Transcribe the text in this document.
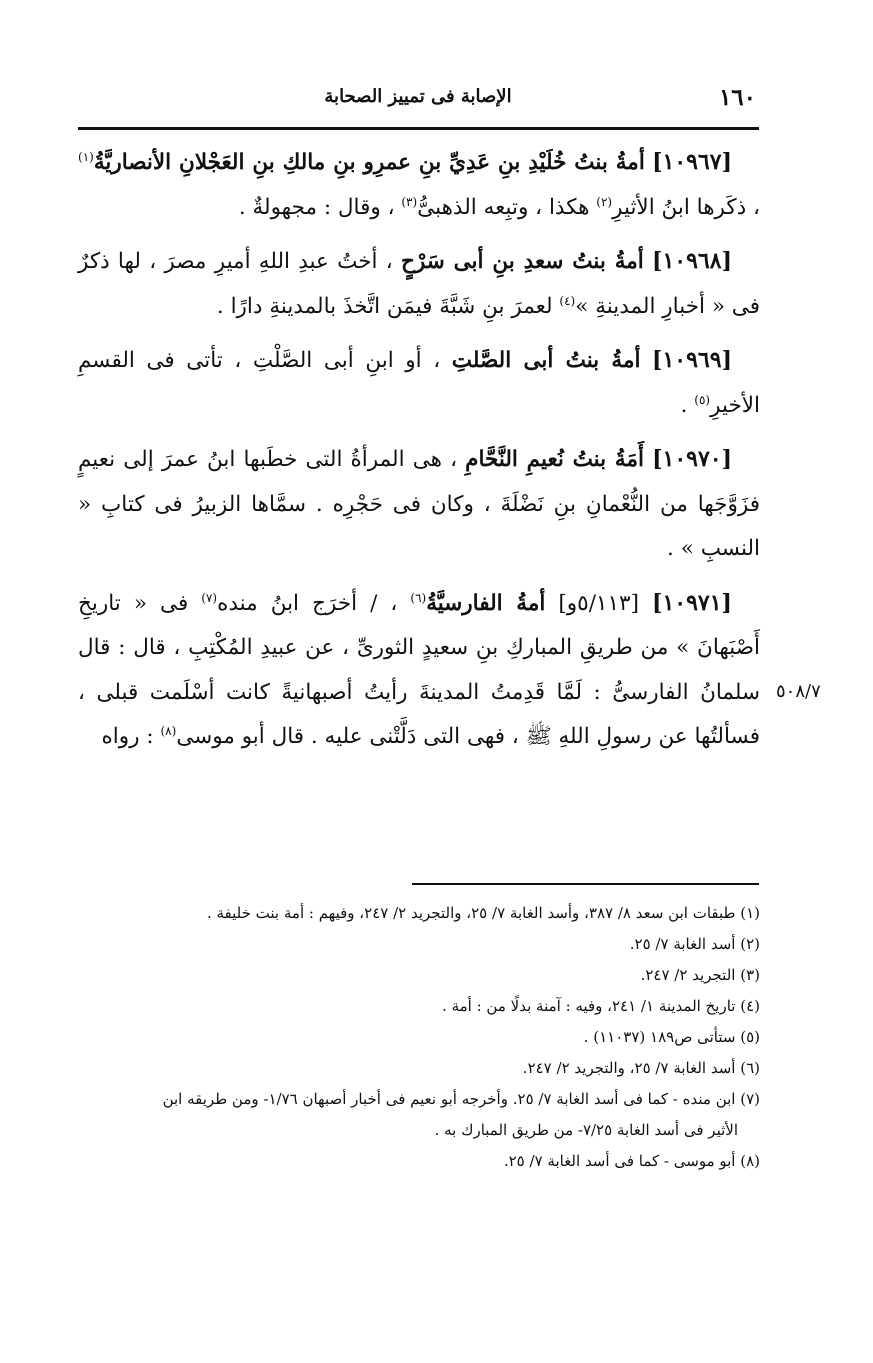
١٦٠
الإصابة فى تمييز الصحابة

[١٠٩٦٧] أمةُ بنتُ خُلَيْدِ بنِ عَدِيِّ بنِ عمرِو بنِ مالكِ بنِ العَجْلانِ الأنصاريَّةُ$^{(١)}$ ، ذكَرها ابنُ الأثيرِ$^{(٢)}$ هكذا ، وتبِعه الذهبىُّ$^{(٣)}$ ، وقال : مجهولةٌ .

[١٠٩٦٨] أمةُ بنتُ سعدِ بنِ أبى سَرْحٍ ، أختُ عبدِ اللهِ أميرِ مصرَ ، لها ذكرٌ فى « أخبارِ المدينةِ »$^{(٤)}$ لعمرَ بنِ شَبَّةَ فيمَن اتَّخذَ بالمدينةِ دارًا .

[١٠٩٦٩] أمةُ بنتُ أبى الصَّلتِ ، أو ابنِ أبى الصَّلْتِ ، تأتى فى القسمِ الأخيرِ$^{(٥)}$ .

[١٠٩٧٠] أَمَةُ بنتُ نُعيمِ النَّحَّامِ ، هى المرأةُ التى خطَبها ابنُ عمرَ إلى نعيمٍ فزَوَّجَها من النُّعْمانِ بنِ نَضْلَةَ ، وكان فى حَجْرِه . سمَّاها الزبيرُ فى كتابِ « النسبِ » .

[١٠٩٧١] [٥/١١٣و] أمةُ الفارسيَّةُ$^{(٦)}$ ، / أخرَج ابنُ منده$^{(٧)}$ فى « تاريخِ أَصْبَهانَ » من طريقِ المباركِ بنِ سعيدٍ الثورىِّ ، عن عبيدِ المُكْتِبِ ، قال : قال سلمانُ الفارسىُّ : لَمَّا قَدِمتُ المدينةَ رأيتُ أصبهانيةً كانت أسْلَمت قبلى ، فسألتُها عن رسولِ اللهِ ﷺ ، فهى التى دَلَّتْنى عليه . قال أبو موسى$^{(٨)}$ : رواه

٥٠٨/٧

(١) طبقات ابن سعد ٨/ ٣٨٧، وأسد الغابة ٧/ ٢٥، والتجريد ٢/ ٢٤٧، وفيهم : أمة بنت خليفة .

(٢) أسد الغابة ٧/ ٢٥.

(٣) التجريد ٢/ ٢٤٧.

(٤) تاريخ المدينة ١/ ٢٤١، وفيه : آمنة بدلًا من : أمة .

(٥) ستأتى ص١٨٩ (١١٠٣٧) .

(٦) أسد الغابة ٧/ ٢٥، والتجريد ٢/ ٢٤٧.

(٧) ابن منده - كما فى أسد الغابة ٧/ ٢٥. وأخرجه أبو نعيم فى أخبار أصبهان ١/٧٦- ومن طريقه ابن

الأثير فى أسد الغابة ٧/٢٥- من طريق المبارك به .

(٨) أبو موسى - كما فى أسد الغابة ٧/ ٢٥.
